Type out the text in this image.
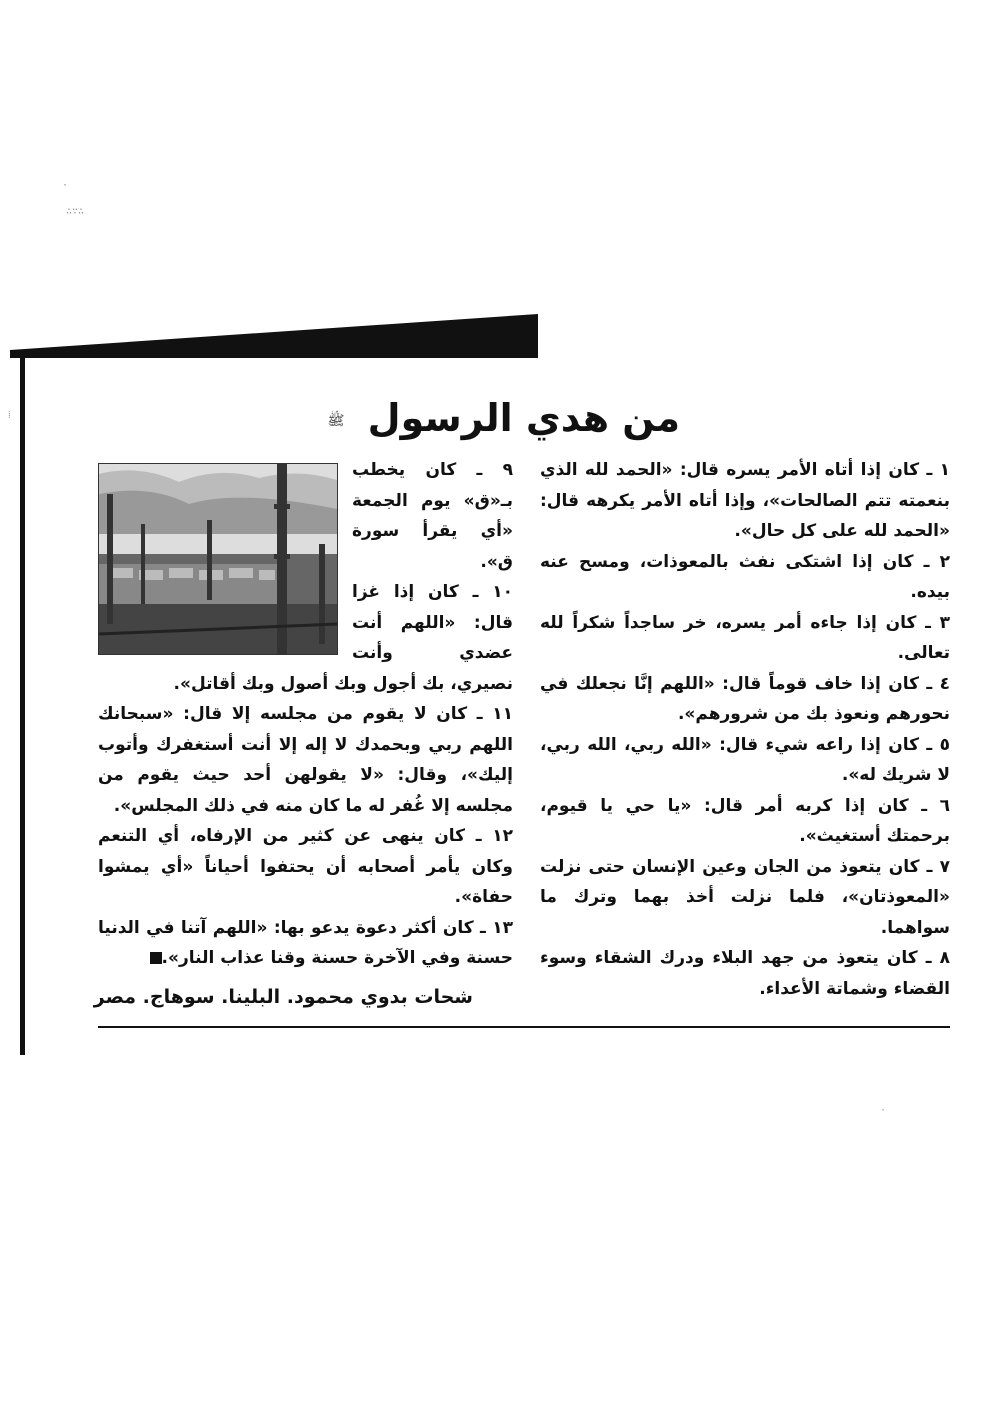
·
∴∵∴
⁞
·
من هدي الرسول ﷺ

١ ـ كان إذا أتاه الأمر يسره قال: «الحمد لله الذي بنعمته تتم الصالحات»، وإذا أتاه الأمر يكرهه قال: «الحمد لله على كل حال».

٢ ـ كان إذا اشتكى نفث بالمعوذات، ومسح عنه بيده.

٣ ـ كان إذا جاءه أمر يسره، خر ساجداً شكراً لله تعالى.

٤ ـ كان إذا خاف قوماً قال: «اللهم إنَّا نجعلك في نحورهم ونعوذ بك من شرورهم».

٥ ـ كان إذا راعه شيء قال: «الله ربي، الله ربي، لا شريك له».

٦ ـ كان إذا كربه أمر قال: «يا حي يا قيوم، برحمتك أستغيث».

٧ ـ كان يتعوذ من الجان وعين الإنسان حتى نزلت «المعوذتان»، فلما نزلت أخذ بهما وترك ما سواهما.

٨ ـ كان يتعوذ من جهد البلاء ودرك الشقاء وسوء القضاء وشماتة الأعداء.

٩ ـ كان يخطب بـ«ق» يوم الجمعة «أي يقرأ سورة ق».

١٠ ـ كان إذا غزا قال: «اللهم أنت عضدي وأنت نصيري، بك أجول وبك أصول وبك أقاتل».

١١ ـ كان لا يقوم من مجلسه إلا قال: «سبحانك اللهم ربي وبحمدك لا إله إلا أنت أستغفرك وأتوب إليك»، وقال: «لا يقولهن أحد حيث يقوم من مجلسه إلا غُفر له ما كان منه في ذلك المجلس».

١٢ ـ كان ينهى عن كثير من الإرفاه، أي التنعم وكان يأمر أصحابه أن يحتفوا أحياناً «أي يمشوا حفاة».

١٣ ـ كان أكثر دعوة يدعو بها: «اللهم آتنا في الدنيا حسنة وفي الآخرة حسنة وقنا عذاب النار».

شحات بدوي محمود. البلينا. سوهاج. مصر
